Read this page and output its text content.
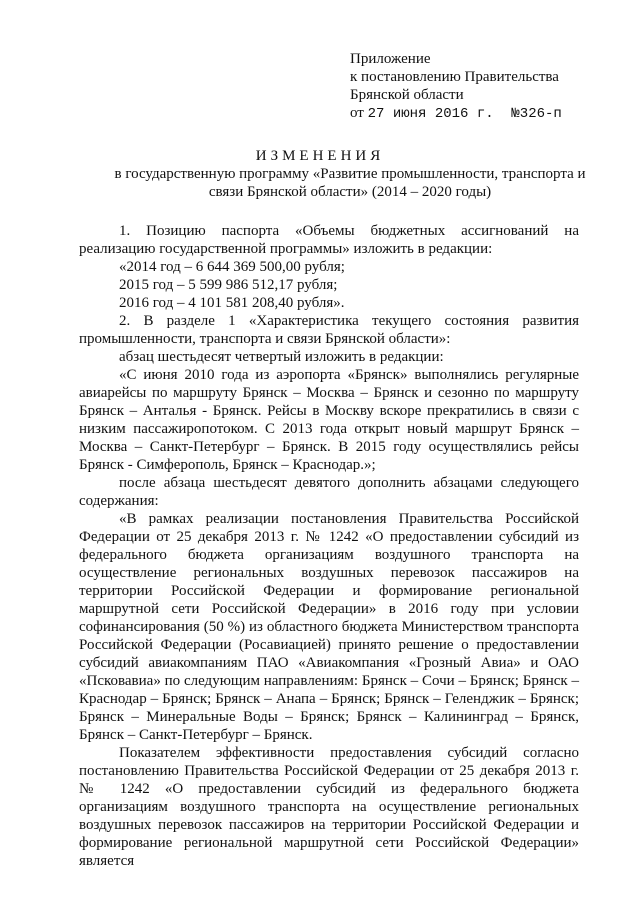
Приложение
к постановлению Правительства
Брянской области
от 27 июня 2016 г. №326-п
ИЗМЕНЕНИЯ
в государственную программу «Развитие промышленности, транспорта и связи Брянской области» (2014 – 2020 годы)

1. Позицию паспорта «Объемы бюджетных ассигнований на реализацию государственной программы» изложить в редакции:

«2014 год – 6 644 369 500,00 рубля;

2015 год – 5 599 986 512,17 рубля;

2016 год – 4 101 581 208,40 рубля».

2. В разделе 1 «Характеристика текущего состояния развития промышленности, транспорта и связи Брянской области»:

абзац шестьдесят четвертый изложить в редакции:

«С июня 2010 года из аэропорта «Брянск» выполнялись регулярные авиарейсы по маршруту Брянск – Москва – Брянск и сезонно по маршруту Брянск – Анталья - Брянск. Рейсы в Москву вскоре прекратились в связи с низким пассажиропотоком. С 2013 года открыт новый маршрут Брянск – Москва – Санкт-Петербург – Брянск. В 2015 году осуществлялись рейсы Брянск - Симферополь, Брянск – Краснодар.»;

после абзаца шестьдесят девятого дополнить абзацами следующего содержания:

«В рамках реализации постановления Правительства Российской Федерации от 25 декабря 2013 г. № 1242 «О предоставлении субсидий из федерального бюджета организациям воздушного транспорта на осуществление региональных воздушных перевозок пассажиров на территории Российской Федерации и формирование региональной маршрутной сети Российской Федерации» в 2016 году при условии софинансирования (50 %) из областного бюджета Министерством транспорта Российской Федерации (Росавиацией) принято решение о предоставлении субсидий авиакомпаниям ПАО «Авиакомпания «Грозный Авиа» и ОАО «Псковавиа» по следующим направлениям: Брянск – Сочи – Брянск; Брянск – Краснодар – Брянск; Брянск – Анапа – Брянск; Брянск – Геленджик – Брянск; Брянск – Минеральные Воды – Брянск; Брянск – Калининград – Брянск, Брянск – Санкт-Петербург – Брянск.

Показателем эффективности предоставления субсидий согласно постановлению Правительства Российской Федерации от 25 декабря 2013 г. № 1242 «О предоставлении субсидий из федерального бюджета организациям воздушного транспорта на осуществление региональных воздушных перевозок пассажиров на территории Российской Федерации и формирование региональной маршрутной сети Российской Федерации» является
